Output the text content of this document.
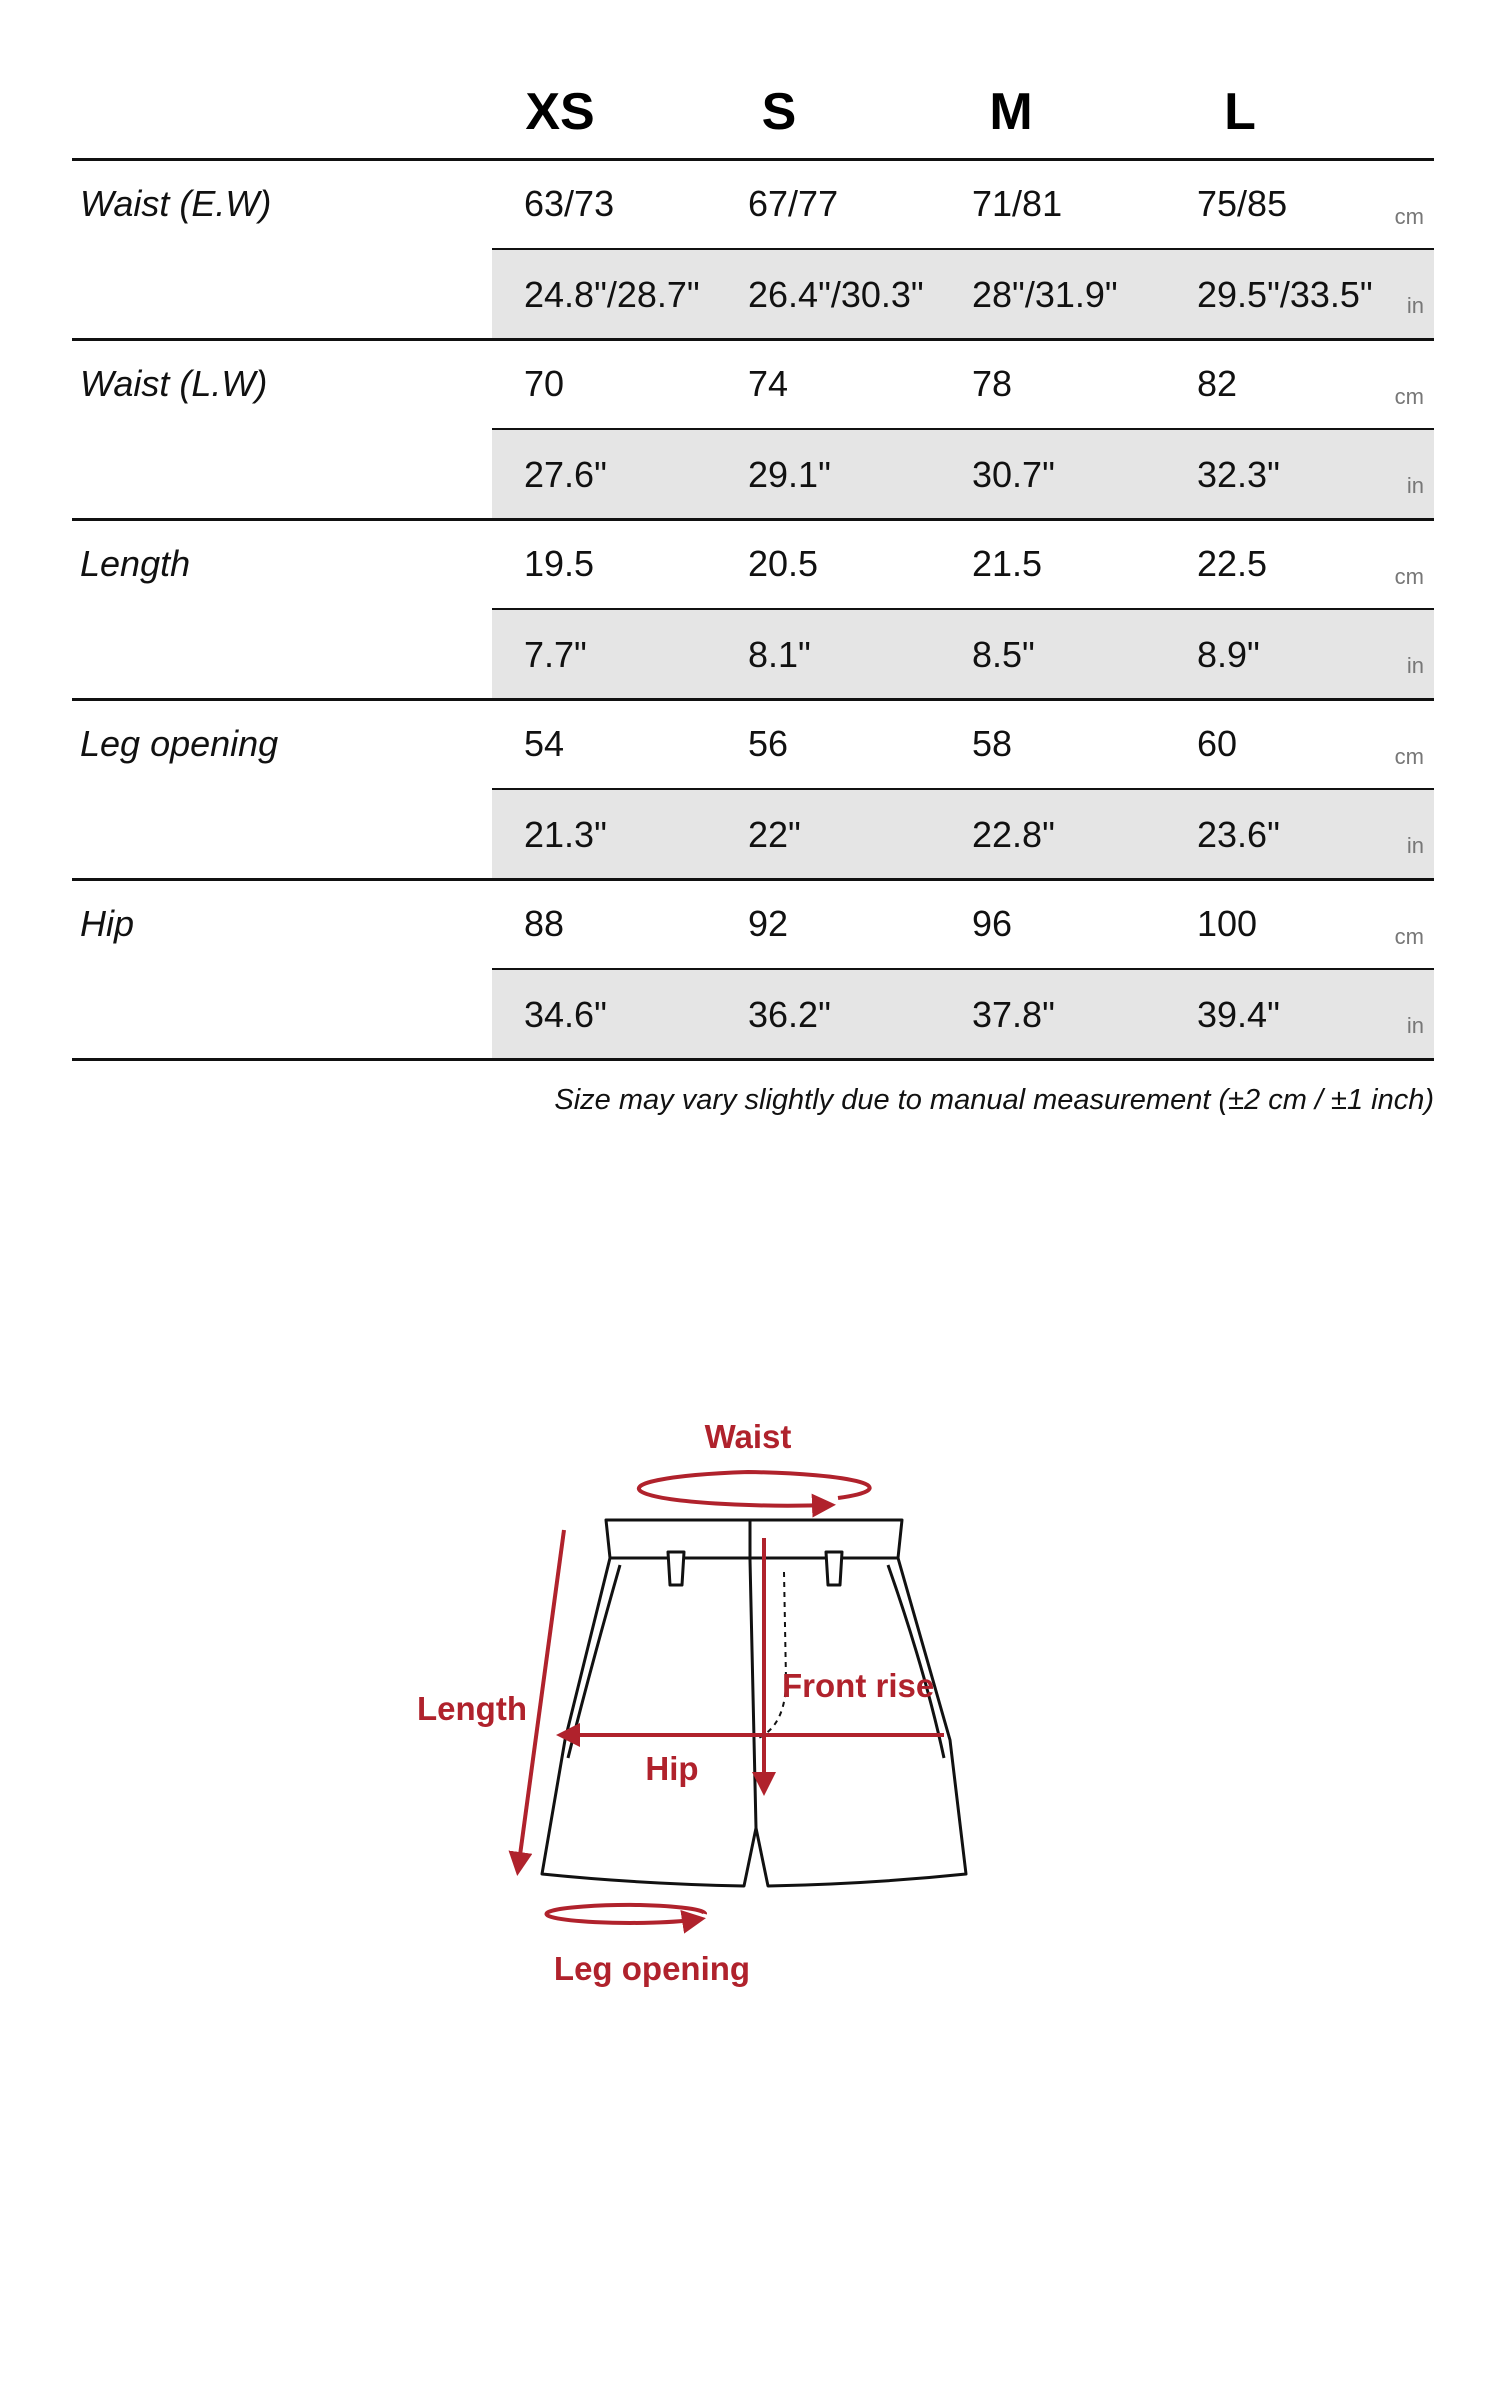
XS	S	M	L
Waist (E.W)	63/73	67/77	71/81	75/85	cm
24.8"/28.7" 26.4"/30.3" 28"/31.9" 29.5"/33.5" in
Waist (L.W)	70	74	78	82	cm
27.6"	29.1"	30.7"	32.3"	in
Length	19.5	20.5	21.5	22.5	cm
7.7"	8.1"	8.5"	8.9"	in
Leg opening	54	56	58	60	cm
21.3"	22"	22.8"	23.6"	in
Hip	88	92	96	100	cm
34.6"	36.2"	37.8"	39.4"	in
Size may vary slightly due to manual measurement (±2 cm / ±1 inch)
Waist
Length
Front rise
Hip
Leg opening
